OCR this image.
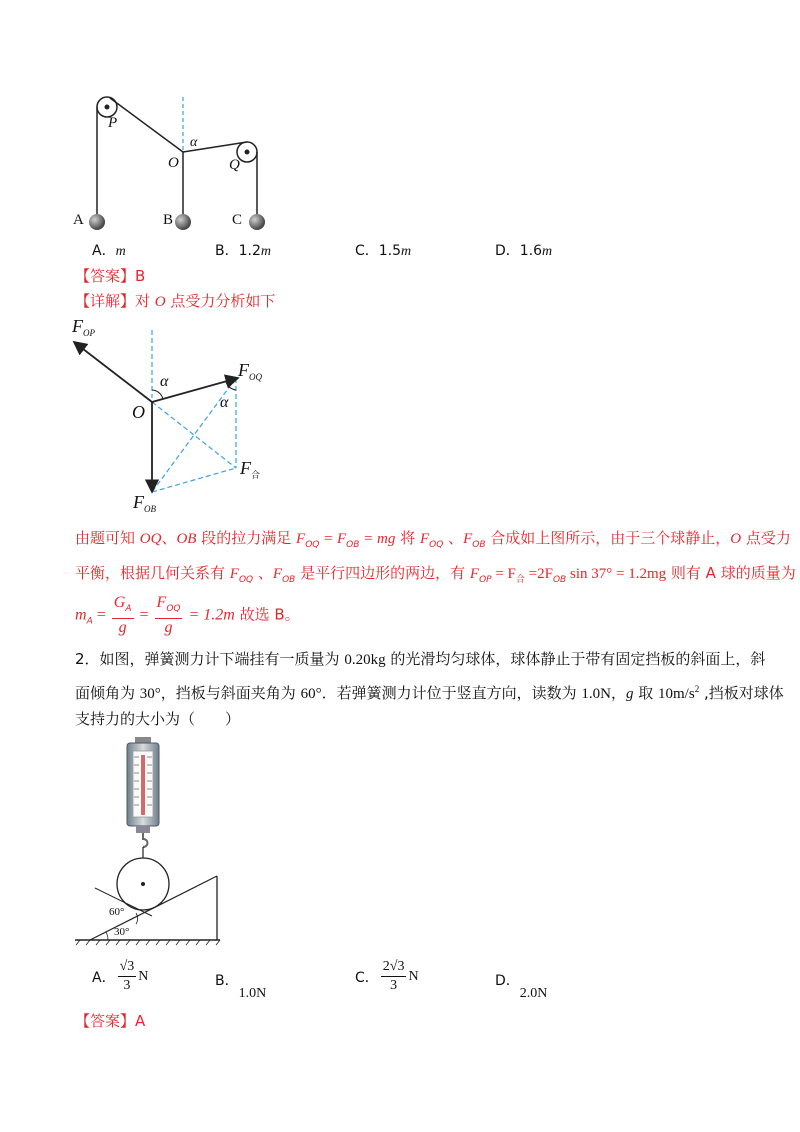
P
O
α
Q
A	B	C
A．m	B．1.2m	C．1.5m	D．1.6m
【答案】B
【详解】对 O 点受力分析如下
$F_{OP}$
$F_{OQ}$
O
α
α
$F_合$
$F_{OB}$
由题可知 OQ、OB 段的拉力满足 $F_{OQ} = F_{OB}$ = mg 将 $F_{OQ}$ 、$F_{OB}$ 合成如上图所示，由于三个球静止，O 点受力
平衡，根据几何关系有 $F_{OQ}$ 、$F_{OB}$ 是平行四边形的两边，有 $F_{OP} = F_合 =2F_{OB}$ sin 37° = 1.2mg 则有 A 球的质量为
$m_A = \frac{G_A}{g} = \frac{F_{OQ}}{g} = 1.2m$ 故选 B。
2．如图，弹簧测力计下端挂有一质量为 0.20kg 的光滑均匀球体，球体静止于带有固定挡板的斜面上，斜
面倾角为 30°，挡板与斜面夹角为 60°．若弹簧测力计位于竖直方向，读数为 1.0N，g 取 $10m/s^2$ ,挡板对球体
支持力的大小为（　　）
60°
30°
A． $\frac{√3}{3}$ N	B．1.0N
C． $\frac{2√3}{3}$ N	D．2.0N
【答案】A
